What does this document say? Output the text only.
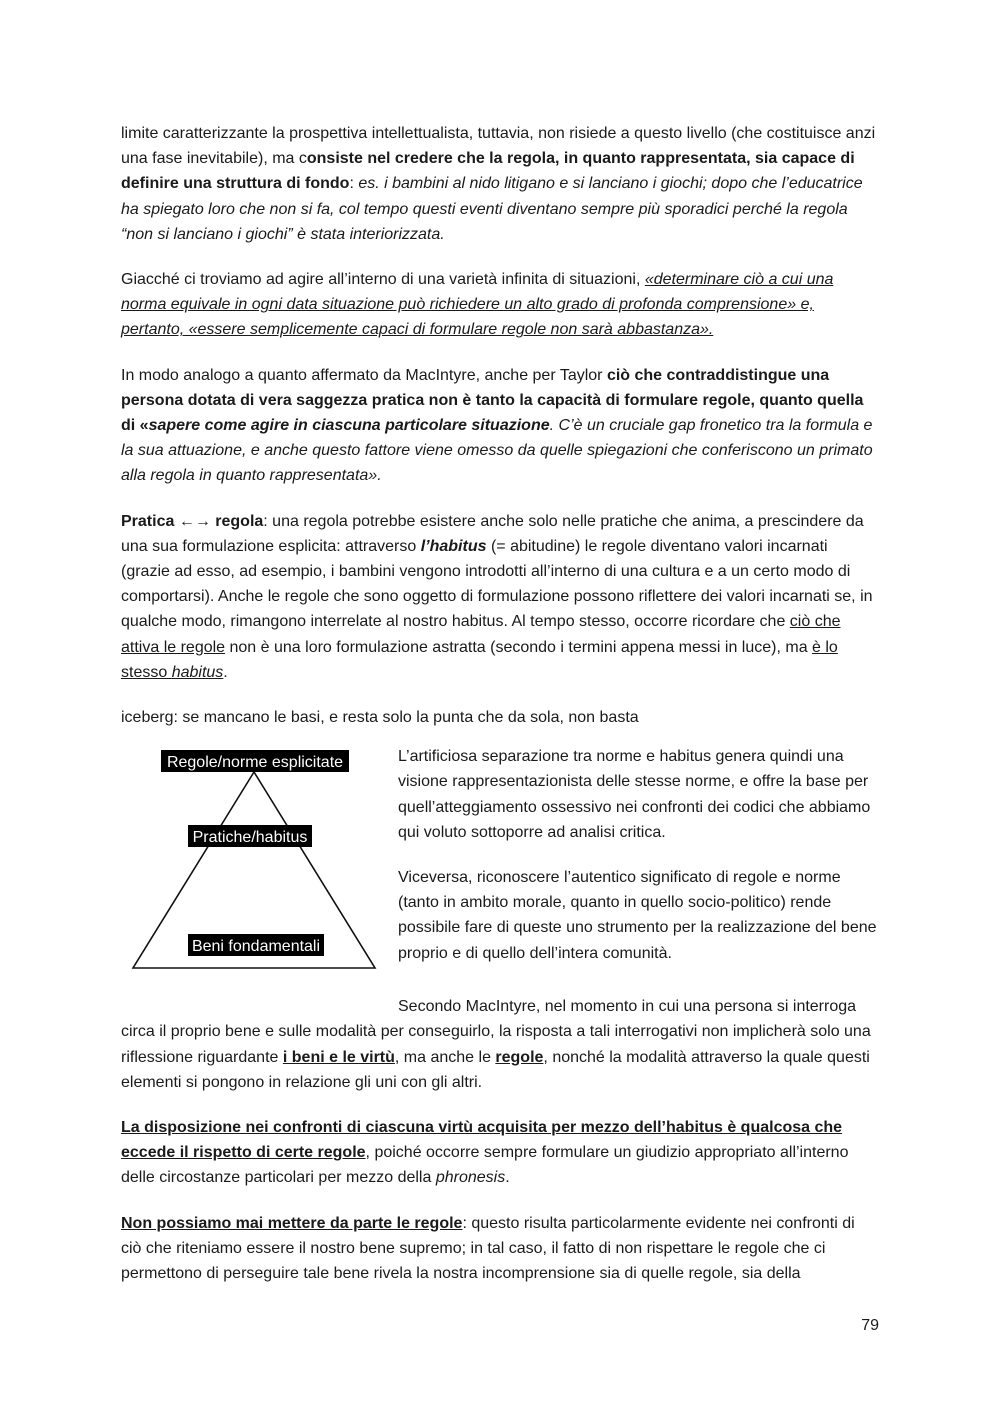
limite caratterizzante la prospettiva intellettualista, tuttavia, non risiede a questo livello (che costituisce anzi una fase inevitabile), ma consiste nel credere che la regola, in quanto rappresentata, sia capace di definire una struttura di fondo: es. i bambini al nido litigano e si lanciano i giochi; dopo che l’educatrice ha spiegato loro che non si fa, col tempo questi eventi diventano sempre più sporadici perché la regola “non si lanciano i giochi” è stata interiorizzata.

Giacché ci troviamo ad agire all’interno di una varietà infinita di situazioni, «determinare ciò a cui una norma equivale in ogni data situazione può richiedere un alto grado di profonda comprensione» e, pertanto, «essere semplicemente capaci di formulare regole non sarà abbastanza».

In modo analogo a quanto affermato da MacIntyre, anche per Taylor ciò che contraddistingue una persona dotata di vera saggezza pratica non è tanto la capacità di formulare regole, quanto quella di «sapere come agire in ciascuna particolare situazione. C’è un cruciale gap fronetico tra la formula e la sua attuazione, e anche questo fattore viene omesso da quelle spiegazioni che conferiscono un primato alla regola in quanto rappresentata».

Pratica ←→ regola: una regola potrebbe esistere anche solo nelle pratiche che anima, a prescindere da una sua formulazione esplicita: attraverso l’habitus (= abitudine) le regole diventano valori incarnati (grazie ad esso, ad esempio, i bambini vengono introdotti all’interno di una cultura e a un certo modo di comportarsi). Anche le regole che sono oggetto di formulazione possono riflettere dei valori incarnati se, in qualche modo, rimangono interrelate al nostro habitus. Al tempo stesso, occorre ricordare che ciò che attiva le regole non è una loro formulazione astratta (secondo i termini appena messi in luce), ma è lo stesso habitus.

iceberg: se mancano le basi, e resta solo la punta che da sola, non basta

Regole/norme esplicitate
Pratiche/habitus
Beni fondamentali

L’artificiosa separazione tra norme e habitus genera quindi una visione rappresentazionista delle stesse norme, e offre la base per quell’atteggiamento ossessivo nei confronti dei codici che abbiamo qui voluto sottoporre ad analisi critica.

Viceversa, riconoscere l’autentico significato di regole e norme (tanto in ambito morale, quanto in quello socio-politico) rende possibile fare di queste uno strumento per la realizzazione del bene proprio e di quello dell’intera comunità.

Secondo MacIntyre, nel momento in cui una persona si interroga circa il proprio bene e sulle modalità per conseguirlo, la risposta a tali interrogativi non implicherà solo una riflessione riguardante i beni e le virtù, ma anche le regole, nonché la modalità attraverso la quale questi elementi si pongono in relazione gli uni con gli altri.

La disposizione nei confronti di ciascuna virtù acquisita per mezzo dell’habitus è qualcosa che eccede il rispetto di certe regole, poiché occorre sempre formulare un giudizio appropriato all’interno delle circostanze particolari per mezzo della phronesis.

Non possiamo mai mettere da parte le regole: questo risulta particolarmente evidente nei confronti di ciò che riteniamo essere il nostro bene supremo; in tal caso, il fatto di non rispettare le regole che ci permettono di perseguire tale bene rivela la nostra incomprensione sia di quelle regole, sia della

79
